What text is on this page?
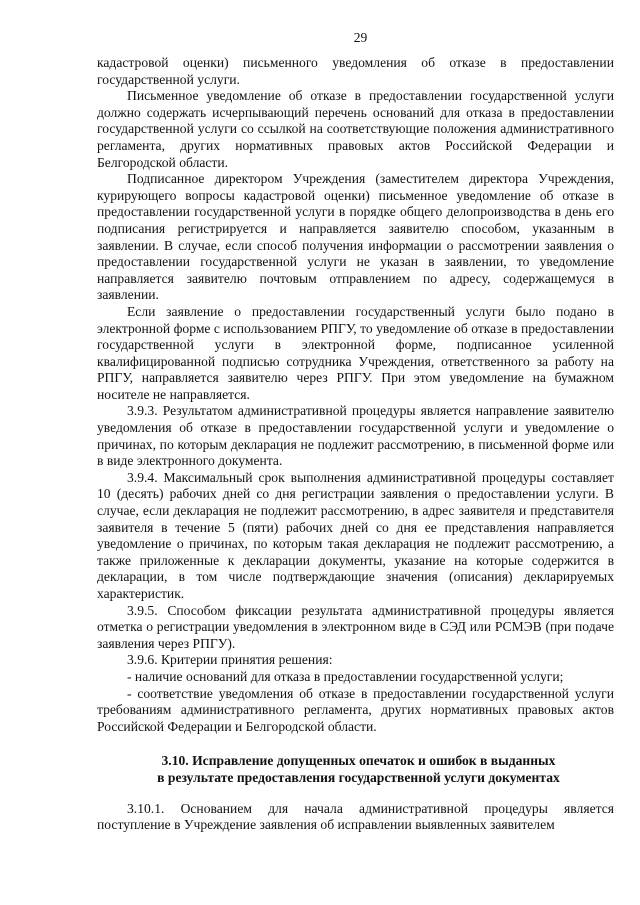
29

кадастровой оценки) письменного уведомления об отказе в предоставлении государственной услуги.

Письменное уведомление об отказе в предоставлении государственной услуги должно содержать исчерпывающий перечень оснований для отказа в предоставлении государственной услуги со ссылкой на соответствующие положения административного регламента, других нормативных правовых актов Российской Федерации и Белгородской области.

Подписанное директором Учреждения (заместителем директора Учреждения, курирующего вопросы кадастровой оценки) письменное уведомление об отказе в предоставлении государственной услуги в порядке общего делопроизводства в день его подписания регистрируется и направляется заявителю способом, указанным в заявлении. В случае, если способ получения информации о рассмотрении заявления о предоставлении государственной услуги не указан в заявлении, то уведомление направляется заявителю почтовым отправлением по адресу, содержащемуся в заявлении.

Если заявление о предоставлении государственный услуги было подано в электронной форме с использованием РПГУ, то уведомление об отказе в предоставлении государственной услуги в электронной форме, подписанное усиленной квалифицированной подписью сотрудника Учреждения, ответственного за работу на РПГУ, направляется заявителю через РПГУ. При этом уведомление на бумажном носителе не направляется.

3.9.3. Результатом административной процедуры является направление заявителю уведомления об отказе в предоставлении государственной услуги и уведомление о причинах, по которым декларация не подлежит рассмотрению, в письменной форме или в виде электронного документа.

3.9.4. Максимальный срок выполнения административной процедуры составляет 10 (десять) рабочих дней со дня регистрации заявления о предоставлении услуги. В случае, если декларация не подлежит рассмотрению, в адрес заявителя и представителя заявителя в течение 5 (пяти) рабочих дней со дня ее представления направляется уведомление о причинах, по которым такая декларация не подлежит рассмотрению, а также приложенные к декларации документы, указание на которые содержится в декларации, в том числе подтверждающие значения (описания) декларируемых характеристик.

3.9.5. Способом фиксации результата административной процедуры является отметка о регистрации уведомления в электронном виде в СЭД или РСМЭВ (при подаче заявления через РПГУ).

3.9.6. Критерии принятия решения:

- наличие оснований для отказа в предоставлении государственной услуги;

- соответствие уведомления об отказе в предоставлении государственной услуги требованиям административного регламента, других нормативных правовых актов Российской Федерации и Белгородской области.

3.10. Исправление допущенных опечаток и ошибок в выданных
в результате предоставления государственной услуги документах

3.10.1. Основанием для начала административной процедуры является поступление в Учреждение заявления об исправлении выявленных заявителем
